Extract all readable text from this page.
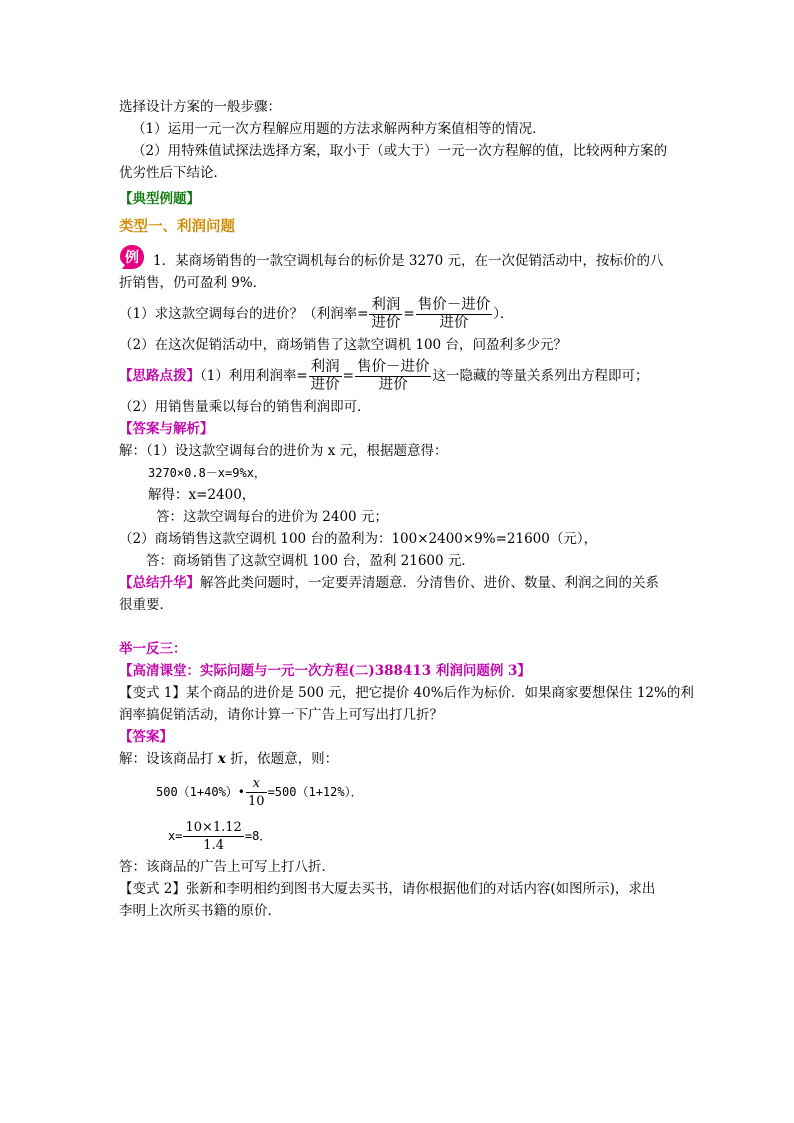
选择设计方案的一般步骤：
（1）运用一元一次方程解应用题的方法求解两种方案值相等的情况．
（2）用特殊值试探法选择方案，取小于（或大于）一元一次方程解的值，比较两种方案的
优劣性后下结论．
【典型例题】
类型一、利润问题
例 1．某商场销售的一款空调机每台的标价是 3270 元，在一次促销活动中，按标价的八
折销售，仍可盈利 9%．
（1）求这款空调每台的进价？（利润率= $\frac{\text{利润}}{\text{进价}} = \frac{\text{售价－进价}}{\text{进价}}$ ）．
（2）在这次促销活动中，商场销售了这款空调机 100 台，问盈利多少元？
【思路点拨】（1）利用利润率= $\frac{\text{利润}}{\text{进价}} = \frac{\text{售价－进价}}{\text{进价}}$ 这一隐藏的等量关系列出方程即可；
（2）用销售量乘以每台的销售利润即可．
【答案与解析】
解：（1）设这款空调每台的进价为 x 元，根据题意得：
3270×0.8－x=9%x，
解得：x=2400，
答：这款空调每台的进价为 2400 元；
（2）商场销售这款空调机 100 台的盈利为：100×2400×9%=21600（元），
答：商场销售了这款空调机 100 台，盈利 21600 元．
【总结升华】解答此类问题时，一定要弄清题意．分清售价、进价、数量、利润之间的关系
很重要．
举一反三：
【高清课堂：实际问题与一元一次方程(二)388413 利润问题例 3】
【变式 1】某个商品的进价是 500 元，把它提价 40%后作为标价．如果商家要想保住 12%的利
润率搞促销活动，请你计算一下广告上可写出打几折？
【答案】
解：设该商品打 x 折，依题意，则：
500（1+40%）• $\frac{x}{10} =500(1+12\%)$．
$x= \frac{10\times 1.12}{1.4} =8$．
答：该商品的广告上可写上打八折．
【变式 2】张新和李明相约到图书大厦去买书，请你根据他们的对话内容(如图所示)，求出
李明上次所买书籍的原价．
